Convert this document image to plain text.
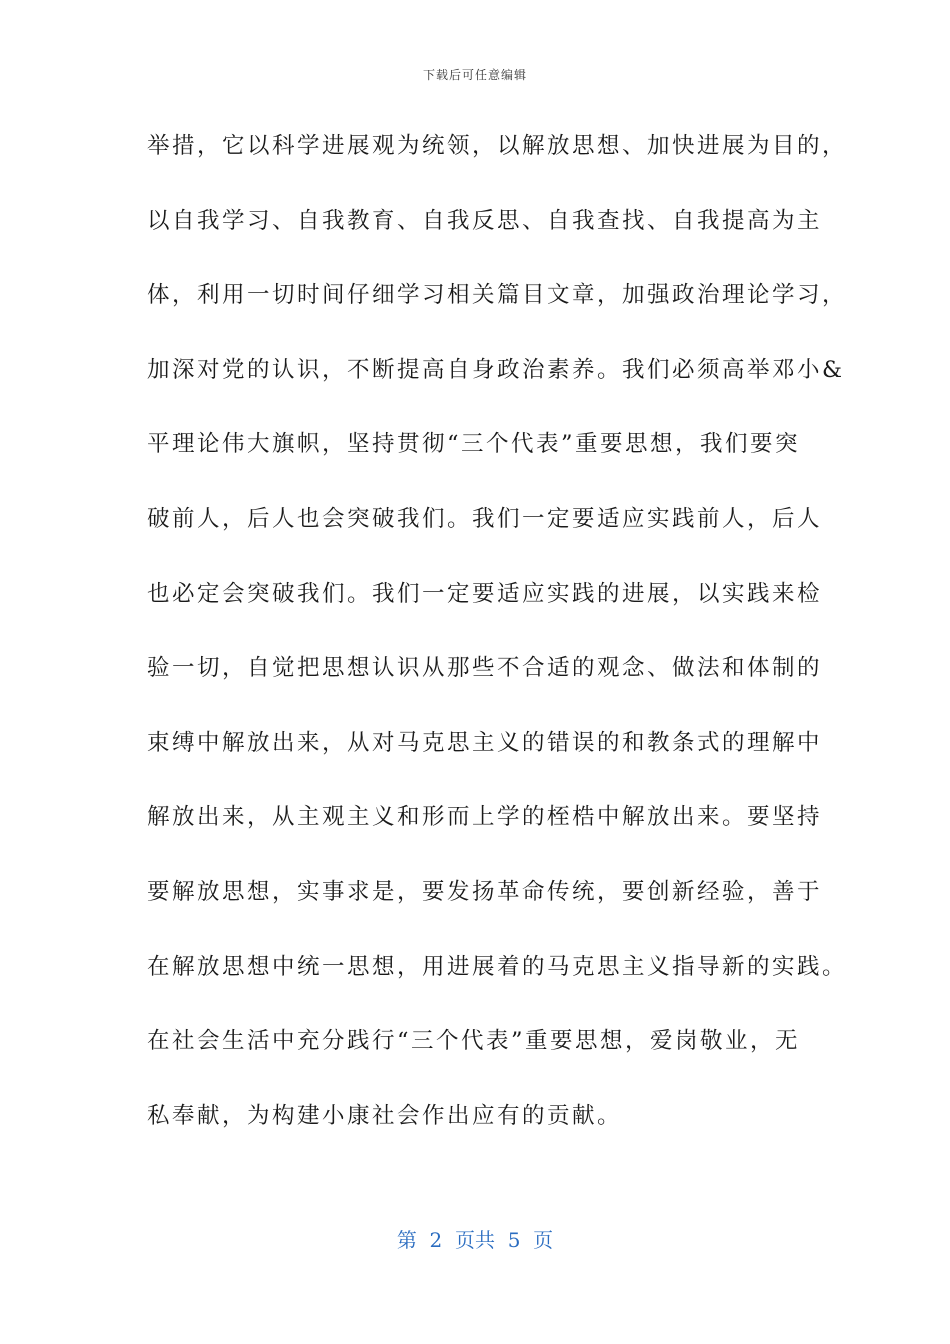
下载后可任意编辑
举措，它以科学进展观为统领，以解放思想、加快进展为目的，
以自我学习、自我教育、自我反思、自我查找、自我提高为主
体，利用一切时间仔细学习相关篇目文章，加强政治理论学习，
加深对党的认识，不断提高自身政治素养。我们必须高举邓小&
平理论伟大旗帜，坚持贯彻“三个代表”重要思想，我们要突
破前人，后人也会突破我们。我们一定要适应实践前人，后人
也必定会突破我们。我们一定要适应实践的进展，以实践来检
验一切，自觉把思想认识从那些不合适的观念、做法和体制的
束缚中解放出来，从对马克思主义的错误的和教条式的理解中
解放出来，从主观主义和形而上学的桎梏中解放出来。要坚持
要解放思想，实事求是，要发扬革命传统，要创新经验，善于
在解放思想中统一思想，用进展着的马克思主义指导新的实践。
在社会生活中充分践行“三个代表”重要思想，爱岗敬业，无
私奉献，为构建小康社会作出应有的贡献。
第  2  页共  5  页
